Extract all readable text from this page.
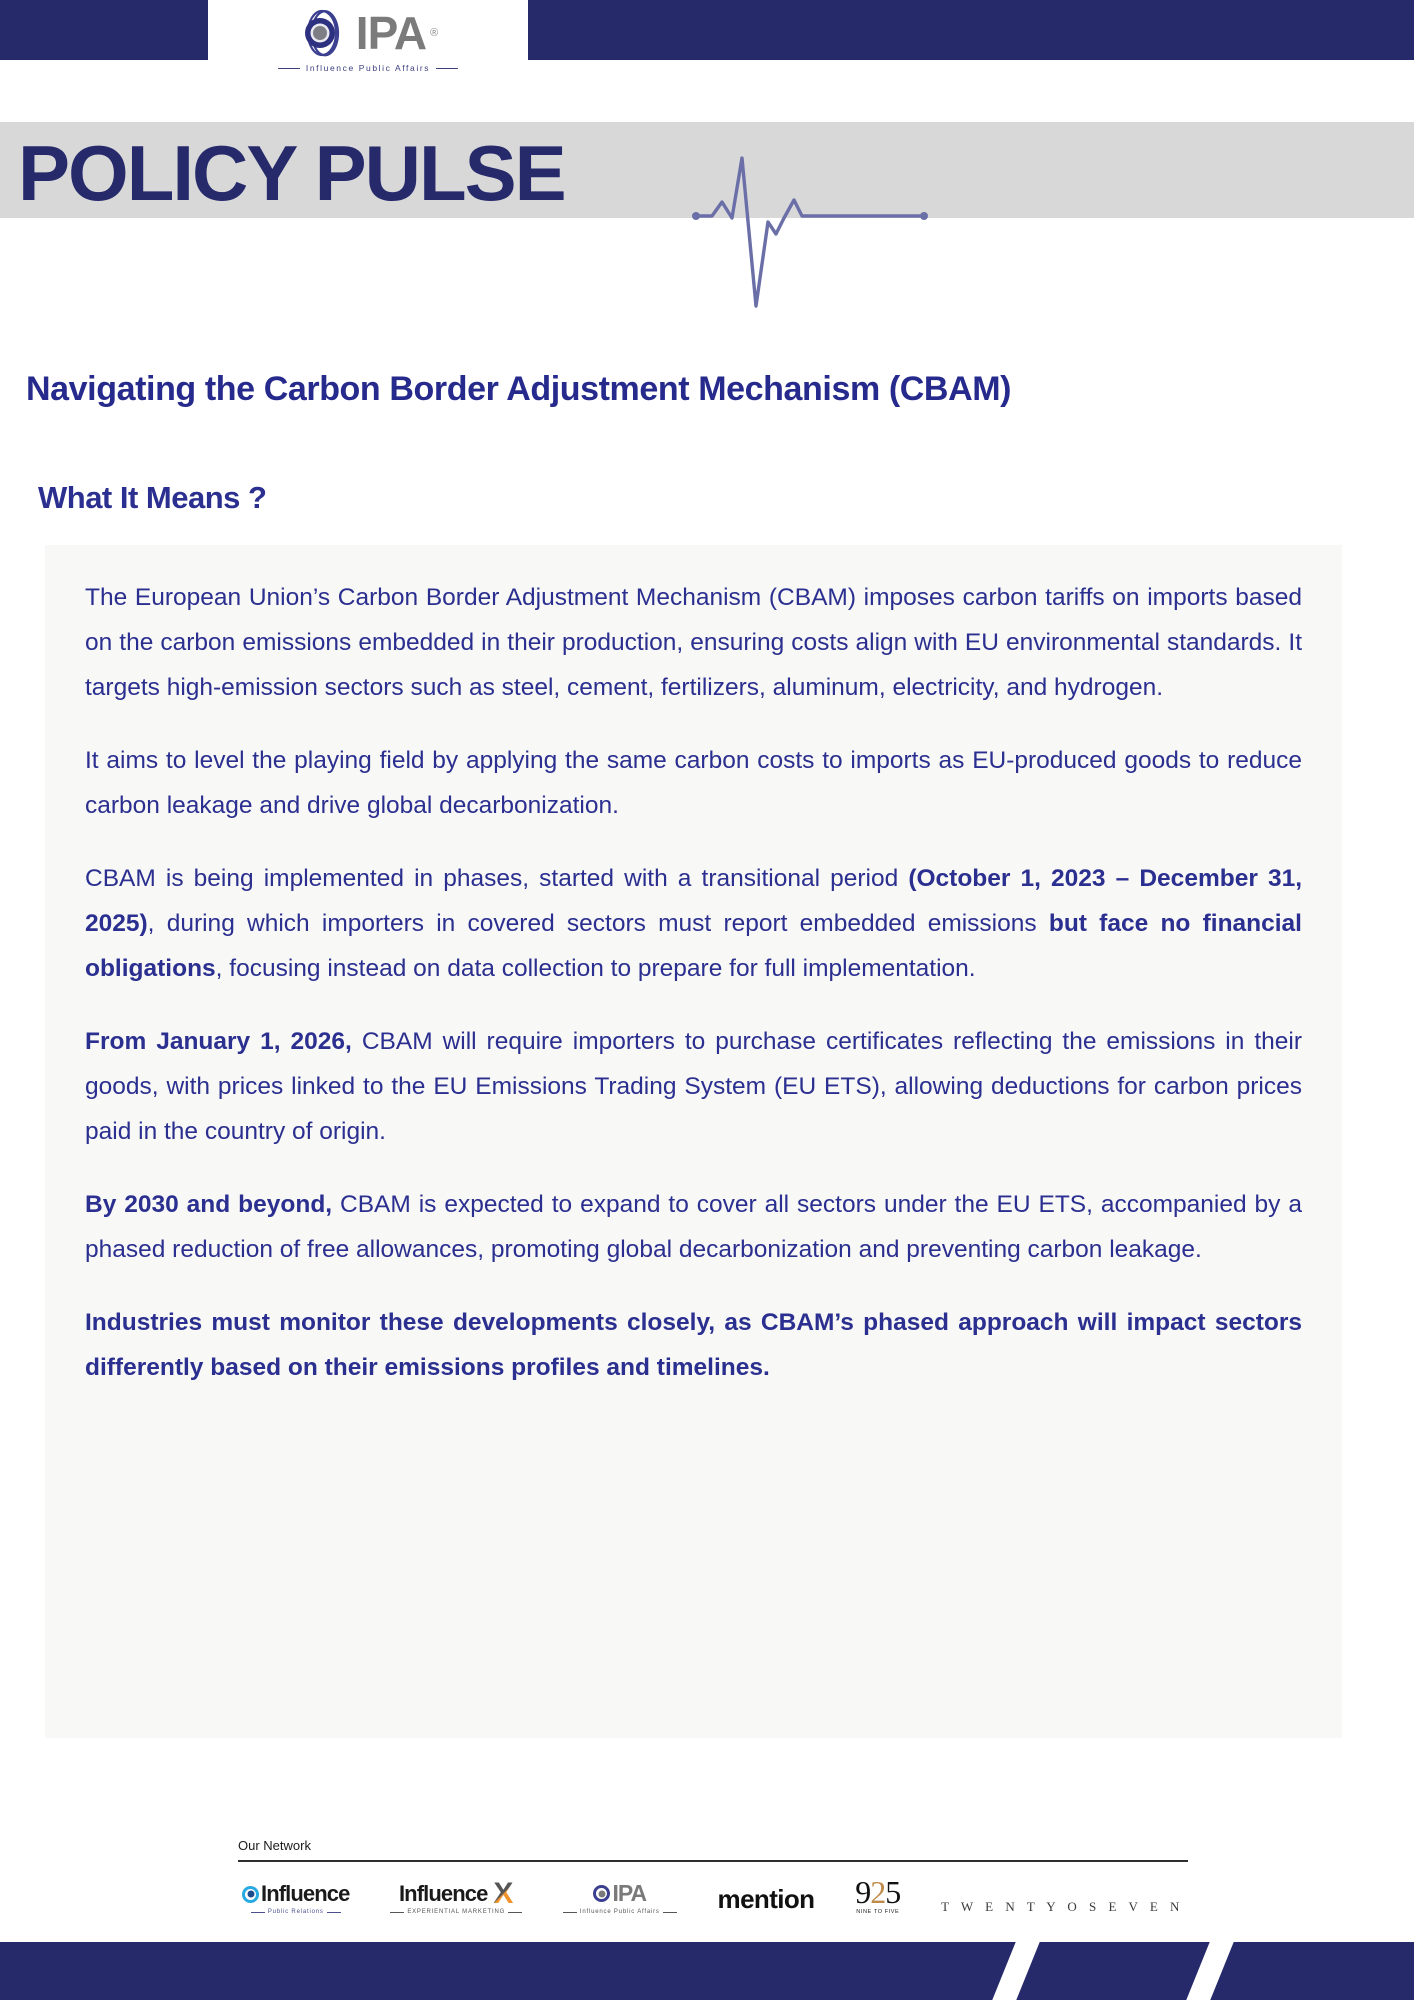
IPA ®
Influence Public Affairs
POLICY PULSE
Navigating the Carbon Border Adjustment Mechanism (CBAM)
What It Means ?

The European Union’s Carbon Border Adjustment Mechanism (CBAM) imposes carbon tariffs on imports based on the carbon emissions embedded in their production, ensuring costs align with EU environmental standards. It targets high-emission sectors such as steel, cement, fertilizers, aluminum, electricity, and hydrogen.

It aims to level the playing field by applying the same carbon costs to imports as EU-produced goods to reduce carbon leakage and drive global decarbonization.

CBAM is being implemented in phases, started with a transitional period (October 1, 2023 – December 31, 2025), during which importers in covered sectors must report embedded emissions but face no financial obligations, focusing instead on data collection to prepare for full implementation.

From January 1, 2026, CBAM will require importers to purchase certificates reflecting the emissions in their goods, with prices linked to the EU Emissions Trading System (EU ETS), allowing deductions for carbon prices paid in the country of origin.

By 2030 and beyond, CBAM is expected to expand to cover all sectors under the EU ETS, accompanied by a phased reduction of free allowances, promoting global decarbonization and preventing carbon leakage.

Industries must monitor these developments closely, as CBAM’s phased approach will impact sectors differently based on their emissions profiles and timelines.

Our Network
Influence
Public Relations
Influence X
EXPERIENTIAL MARKETING
IPA
Influence Public Affairs mention 925
NINE TO FIVE	T W E N T Y O S E V E N
